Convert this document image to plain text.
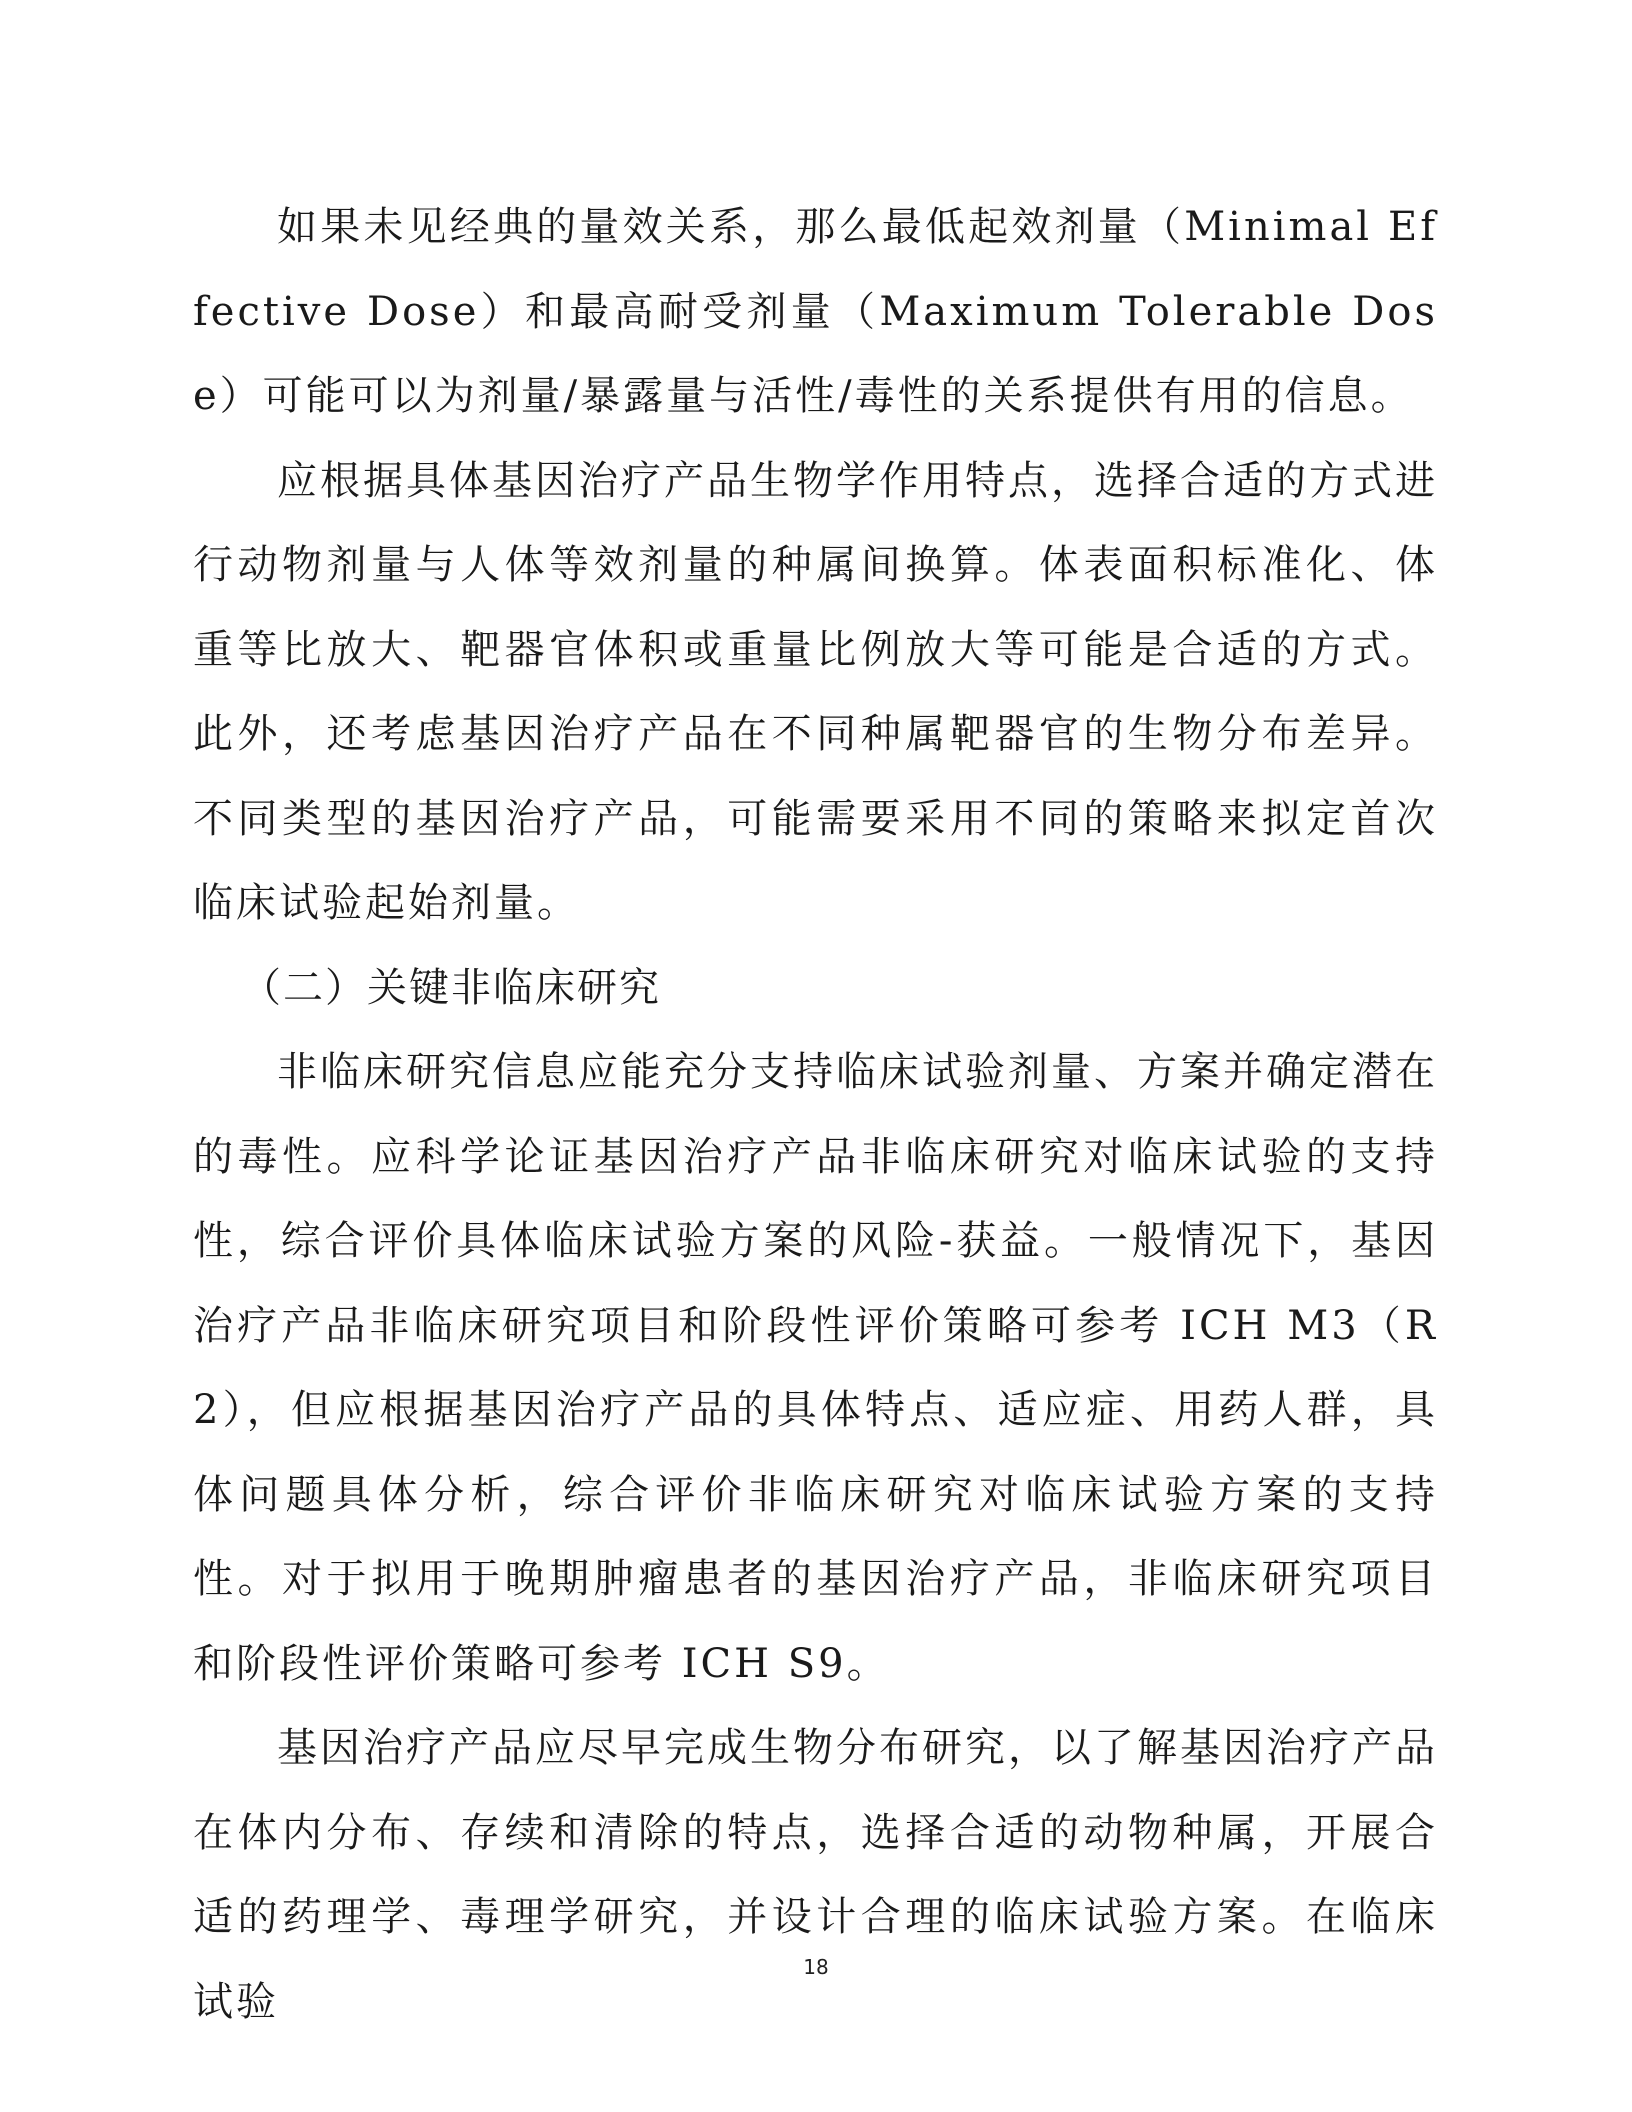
如果未见经典的量效关系，那么最低起效剂量（Minimal Effective Dose）和最高耐受剂量（Maximum Tolerable Dose）可能可以为剂量/暴露量与活性/毒性的关系提供有用的信息。

应根据具体基因治疗产品生物学作用特点，选择合适的方式进行动物剂量与人体等效剂量的种属间换算。体表面积标准化、体重等比放大、靶器官体积或重量比例放大等可能是合适的方式。此外，还考虑基因治疗产品在不同种属靶器官的生物分布差异。不同类型的基因治疗产品，可能需要采用不同的策略来拟定首次临床试验起始剂量。

（二）关键非临床研究

非临床研究信息应能充分支持临床试验剂量、方案并确定潜在的毒性。应科学论证基因治疗产品非临床研究对临床试验的支持性，综合评价具体临床试验方案的风险-获益。一般情况下，基因治疗产品非临床研究项目和阶段性评价策略可参考 ICH M3（R2），但应根据基因治疗产品的具体特点、适应症、用药人群，具体问题具体分析，综合评价非临床研究对临床试验方案的支持性。对于拟用于晚期肿瘤患者的基因治疗产品，非临床研究项目和阶段性评价策略可参考 ICH S9。

基因治疗产品应尽早完成生物分布研究，以了解基因治疗产品在体内分布、存续和清除的特点，选择合适的动物种属，开展合适的药理学、毒理学研究，并设计合理的临床试验方案。在临床试验

18
